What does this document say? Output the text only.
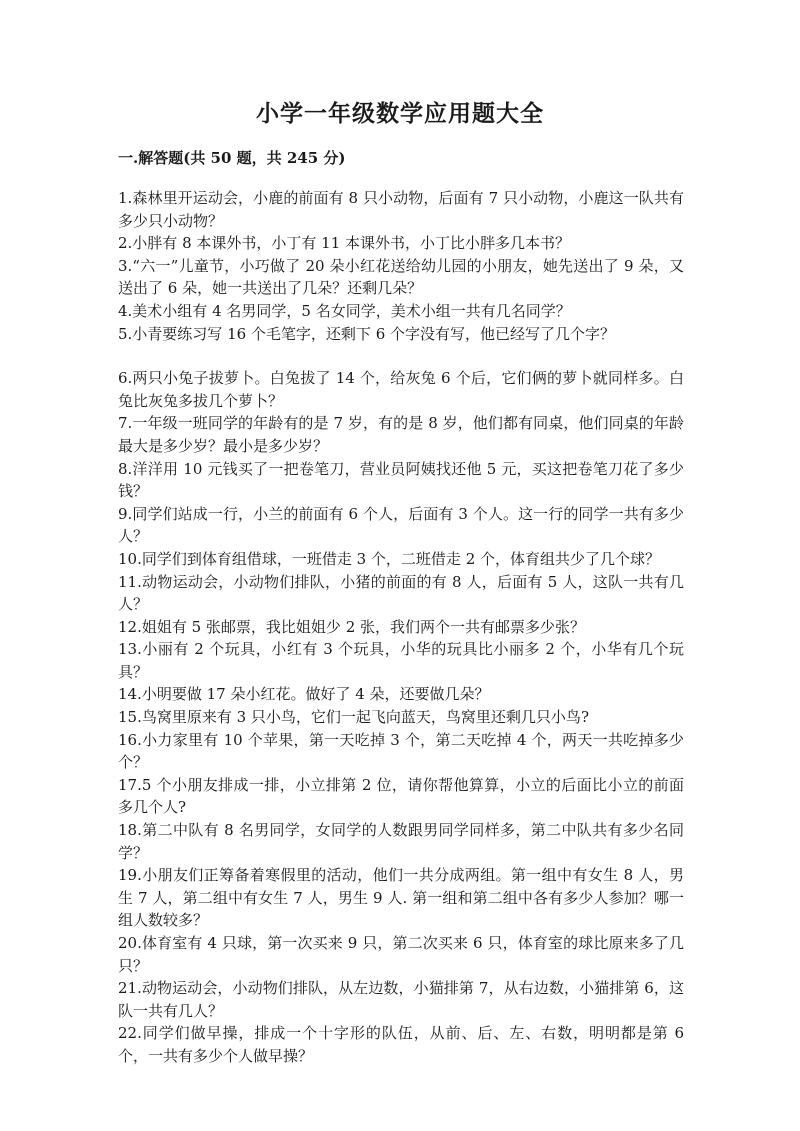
小学一年级数学应用题大全
一.解答题(共 50 题，共 245 分)

1.森林里开运动会，小鹿的前面有 8 只小动物，后面有 7 只小动物，小鹿这一队共有多少只小动物？

2.小胖有 8 本课外书，小丁有 11 本课外书，小丁比小胖多几本书？

3.“六一”儿童节，小巧做了 20 朵小红花送给幼儿园的小朋友，她先送出了 9 朵，又送出了 6 朵，她一共送出了几朵？还剩几朵？

4.美术小组有 4 名男同学，5 名女同学，美术小组一共有几名同学？

5.小青要练习写 16 个毛笔字，还剩下 6 个字没有写，他已经写了几个字？

6.两只小兔子拔萝卜。白兔拔了 14 个，给灰兔 6 个后，它们俩的萝卜就同样多。白兔比灰兔多拔几个萝卜？

7.一年级一班同学的年龄有的是 7 岁，有的是 8 岁，他们都有同桌，他们同桌的年龄最大是多少岁？最小是多少岁？

8.洋洋用 10 元钱买了一把卷笔刀，营业员阿姨找还他 5 元，买这把卷笔刀花了多少钱？

9.同学们站成一行，小兰的前面有 6 个人，后面有 3 个人。这一行的同学一共有多少人？

10.同学们到体育组借球，一班借走 3 个，二班借走 2 个，体育组共少了几个球？

11.动物运动会，小动物们排队，小猪的前面的有 8 人，后面有 5 人，这队一共有几人？

12.姐姐有 5 张邮票，我比姐姐少 2 张，我们两个一共有邮票多少张？

13.小丽有 2 个玩具，小红有 3 个玩具，小华的玩具比小丽多 2 个，小华有几个玩具？

14.小明要做 17 朵小红花。做好了 4 朵，还要做几朵？

15.鸟窝里原来有 3 只小鸟，它们一起飞向蓝天，鸟窝里还剩几只小鸟?

16.小力家里有 10 个苹果，第一天吃掉 3 个，第二天吃掉 4 个，两天一共吃掉多少个？

17.5 个小朋友排成一排，小立排第 2 位，请你帮他算算，小立的后面比小立的前面多几个人?

18.第二中队有 8 名男同学，女同学的人数跟男同学同样多，第二中队共有多少名同学？

19.小朋友们正筹备着寒假里的活动，他们一共分成两组。第一组中有女生 8 人，男生 7 人，第二组中有女生 7 人，男生 9 人. 第一组和第二组中各有多少人参加？哪一组人数较多？

20.体育室有 4 只球，第一次买来 9 只，第二次买来 6 只，体育室的球比原来多了几只？

21.动物运动会，小动物们排队，从左边数，小猫排第 7，从右边数，小猫排第 6，这队一共有几人？

22.同学们做早操，排成一个十字形的队伍，从前、后、左、右数，明明都是第 6 个，一共有多少个人做早操？
